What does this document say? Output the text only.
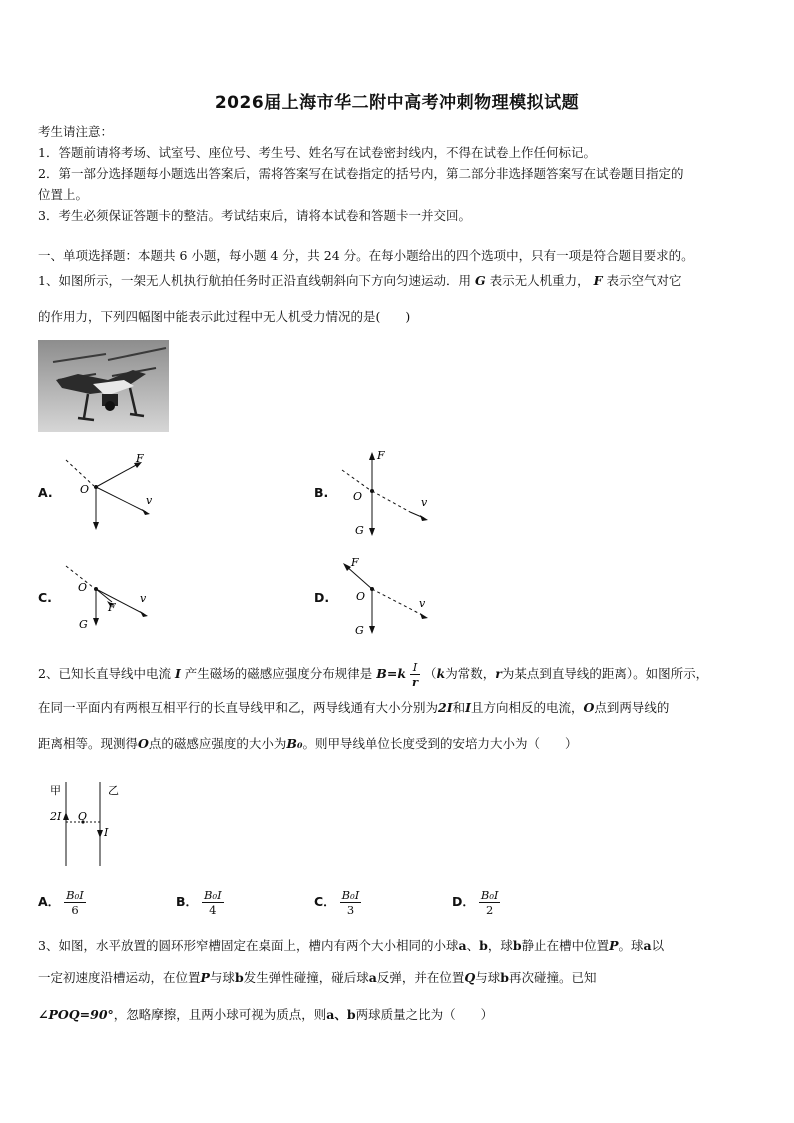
2026届上海市华二附中高考冲刺物理模拟试题
考生请注意：
1．答题前请将考场、试室号、座位号、考生号、姓名写在试卷密封线内，不得在试卷上作任何标记。
2．第一部分选择题每小题选出答案后，需将答案写在试卷指定的括号内，第二部分非选择题答案写在试卷题目指定的
位置上。
3．考生必须保证答题卡的整洁。考试结束后，请将本试卷和答题卡一并交回。
一、单项选择题：本题共 6 小题，每小题 4 分，共 24 分。在每小题给出的四个选项中，只有一项是符合题目要求的。
1、如图所示，一架无人机执行航拍任务时正沿直线朝斜向下方向匀速运动．用 G 表示无人机重力， F 表示空气对它
的作用力，下列四幅图中能表示此过程中无人机受力情况的是(　　)
A.
F
O
v
B.
F
O	v
G
C.
O
v
F
G
D.
F
O
v
G
2、已知长直导线中电流 I 产生磁场的磁感应强度分布规律是 $B=k \frac{I}{r} (k$为常数，r为某点到直导线的距离）。如图所示，
在同一平面内有两根互相平行的长直导线甲和乙，两导线通有大小分别为2I和I且方向相反的电流，O点到两导线的
距离相等。现测得O点的磁感应强度的大小为B₀。则甲导线单位长度受到的安培力大小为（　　）
甲	乙
2I O
I
A． $\frac{\text{B₀I}}{6}$	B． $\frac{\text{B₀I}}{4}$	C． $\frac{\text{B₀I}}{3}$	D． $\frac{\text{B₀I}}{2}$
3、如图，水平放置的圆环形窄槽固定在桌面上，槽内有两个大小相同的小球a、b，球b静止在槽中位置P。球a以
一定初速度沿槽运动，在位置P与球b发生弹性碰撞，碰后球a反弹，并在位置Q与球b再次碰撞。已知
∠POQ=90°，忽略摩擦，且两小球可视为质点，则a、b两球质量之比为（　　）
